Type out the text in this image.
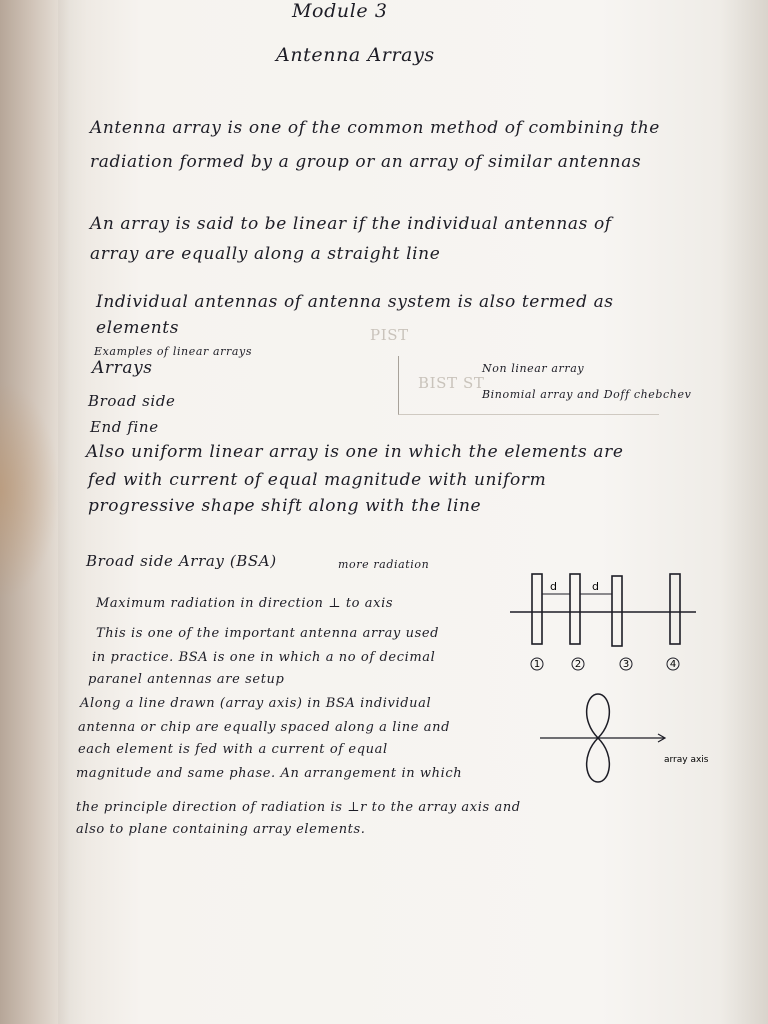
Module 3
Antenna Arrays
Antenna array is one of the common method of combining the
radiation formed by a group or an array of similar antennas
An array is said to be linear if the individual antennas of
array are equally along a straight line
Individual antennas of antenna system is also termed as
elements	PIST
BIST ST
Examples of linear arrays
Arrays
Broad side
End fine
Non linear array
Binomial array and Doff chebchev
Also uniform linear array is one in which the elements are
fed with current of equal magnitude with uniform
progressive shape shift along with the line
Broad side Array (BSA)	more radiation
Maximum radiation in direction ⊥ to axis
This is one of the important antenna array used
in practice. BSA is one in which a no of decimal
paranel antennas are setup
Along a line drawn (array axis) in BSA individual
antenna or chip are equally spaced along a line and
each element is fed with a current of equal
magnitude and same phase. An arrangement in which
the principle direction of radiation is ⊥r to the array axis and
also to plane containing array elements.
d	d
1	2	3	4
array axis
